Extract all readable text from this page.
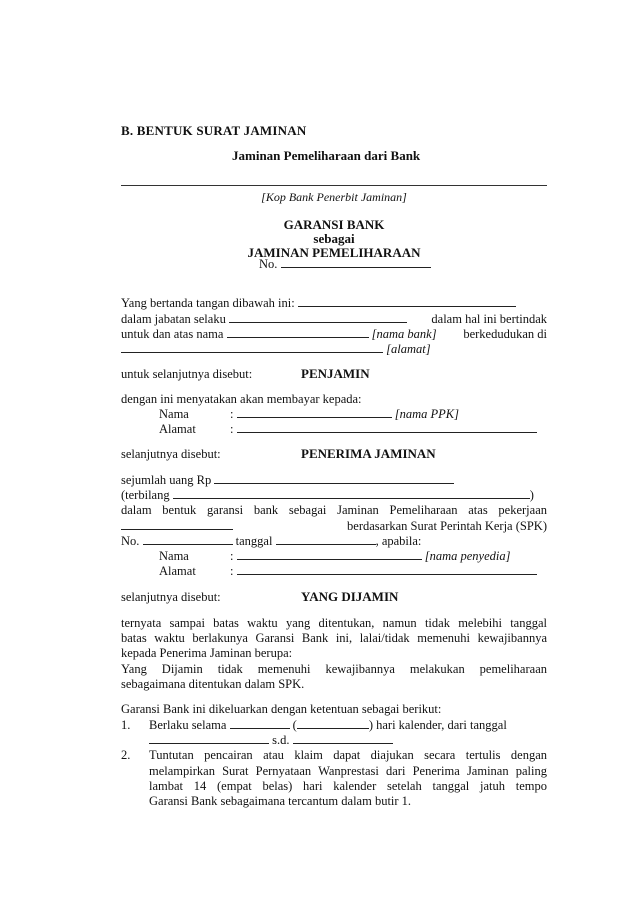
B. BENTUK SURAT JAMINAN
Jaminan Pemeliharaan dari Bank
[Kop Bank Penerbit Jaminan]
GARANSI BANK
sebagai
JAMINAN PEMELIHARAAN
No.
Yang bertanda tangan dibawah ini:
dalam jabatan selaku	dalam hal ini bertindak
untuk dan atas nama	[nama bank] berkedudukan di
[alamat]
untuk selanjutnya disebut:	PENJAMIN
dengan ini menyatakan akan membayar kepada:
Nama	:	[nama PPK]
Alamat	:
selanjutnya disebut:	PENERIMA JAMINAN
sejumlah uang Rp
(terbilang	)
dalam bentuk garansi bank sebagai Jaminan Pemeliharaan atas pekerjaan
berdasarkan Surat Perintah Kerja (SPK)
No.	tanggal	, apabila:
Nama	:	[nama penyedia]
Alamat	:
selanjutnya disebut:	YANG DIJAMIN
ternyata sampai batas waktu yang ditentukan, namun tidak melebihi tanggal
batas waktu berlakunya Garansi Bank ini, lalai/tidak memenuhi kewajibannya
kepada Penerima Jaminan berupa:
Yang Dijamin tidak memenuhi kewajibannya melakukan pemeliharaan
sebagaimana ditentukan dalam SPK.
Garansi Bank ini dikeluarkan dengan ketentuan sebagai berikut:
1. Berlaku selama	(	) hari kalender, dari tanggal
s.d.
2. Tuntutan pencairan atau klaim dapat diajukan secara tertulis dengan
melampirkan Surat Pernyataan Wanprestasi dari Penerima Jaminan paling
lambat 14 (empat belas) hari kalender setelah tanggal jatuh tempo
Garansi Bank sebagaimana tercantum dalam butir 1.
